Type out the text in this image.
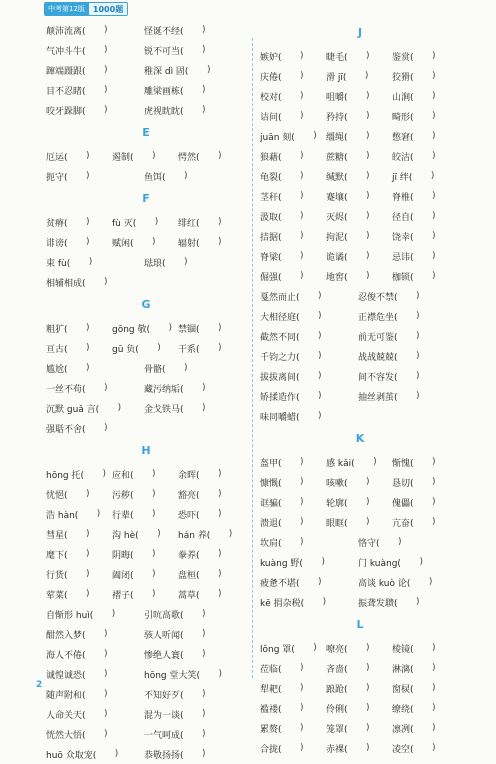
中考第12版	1000题
颠沛流离(	)	怪诞不经(	)
气冲斗牛(	)	锐不可当(	)
蹿端蹑跟(	)	稚深 dì 固(	)
目不忍睹(	)	雕梁画栋(	)
咬牙跺脚(	)	虎视眈眈(	)
E
厄运(	) 遏制(	) 愕然(	)
扼守(	)	鱼饵(	)
F
贫瘠(	) fù 灭(	) 绯红(	)
诽谤(	) 赋闲(	) 辐射(	)
束 fù(	)	琺琅(	)
相辅相成(	)
G
粗犷(	) gōng 敬(	) 禁锢(	)
亘古(	) gū 负(	) 干系(	)
尴尬(	)	骨骼(	)
一丝不苟(	)	藏污纳垢(	)
沉默 guǎ 言(	)	金戈铁马(	)
强聒不舍(	)
H
hōng 托(	) 应和(	) 余晖(	)
忧悒(	) 污秽(	) 豁亮(	)
浩 hàn(	) 行辈(	) 恐吓(	)
彗星(	) 沟 hè(	) hán 养(	)
麾下(	) 阴晦(	) 豢养(	)
行货(	) 阖闭(	) 盘桓(	)
荤菜(	) 褶子(	) 蒿草(	)
自惭形 huì(	)	引吭高歌(	)
酣然入梦(	)	骇人听闻(	)
海人不倦(	)	惨绝人寰(	)
诚惶诚恐(	)	hōng 堂大笑(	)
随声附和(	)	不知好歹(	)
人命关天(	)	混为一谈(	)
恍然大悟(	)	一气呵成(	)
huō 众取宠(	)	恭敬扬扬(	)
J
嫉妒(	) 睫毛(	) 鉴赏(	)
庆倦(	) 滑 jī(	)	狡猾(	)
校对(	) 咀嚼(	) 山涧(	)
诘问(	) 矜持(	) 畸形(	)
juān 刻(	) 缰绳(	) 憋窘(	)
狼藉(	) 蔗糖(	) 皎洁(	)
龟裂(	) 缄默(	) jī 绊(	)
茎秆(	) 蹇壤(	) 脊椎(	)
汲取(	) 灭烬(	) 径自(	)
拮据(	) 拘泥(	) 饶幸(	)
脊梁(	) 诡谲(	) 忌讳(	)
倔强(	) 地窖(	) 枷锁(	)
戛然而止(	)	忍俊不禁(	)
大相径庭(	)	正襟危坐(	)
截然不同(	)	前无可鉴(	)
千钧之力(	)	战战兢兢(	)
拔拔离间(	)	间不容发(	)
矫揉造作(	)	抽丝剥茧(	)
味同嚼蜡(	)
K
盔甲(	) 感 kǎi(	) 惭愧(	)
慷慨(	) 咳嗽(	) 恳切(	)
诓骗(	) 轮廓(	) 傀儡(	)
溃退(	) 眼眶(	) 亢奋(	)
坎肩(	)	恪守(	)
kuàng 野(	)	门 kuàng(	)
疲惫不堪(	)	高谈 kuò 论(	)
kē 捐杂税(	)	振聋发聩(	)
L
lǒng 罩(	) 嘹亮(	) 棱镜(	)
莅临(	) 吝啬(	) 淋漓(	)
犁耙(	) 踉跄(	) 窗棂(	)
褴褛(	) 伶俐(	) 缭绕(	)
累赘(	) 笼罩(	) 凛冽(	)
合拢(	) 赤裸(	) 凌空(	)
2
